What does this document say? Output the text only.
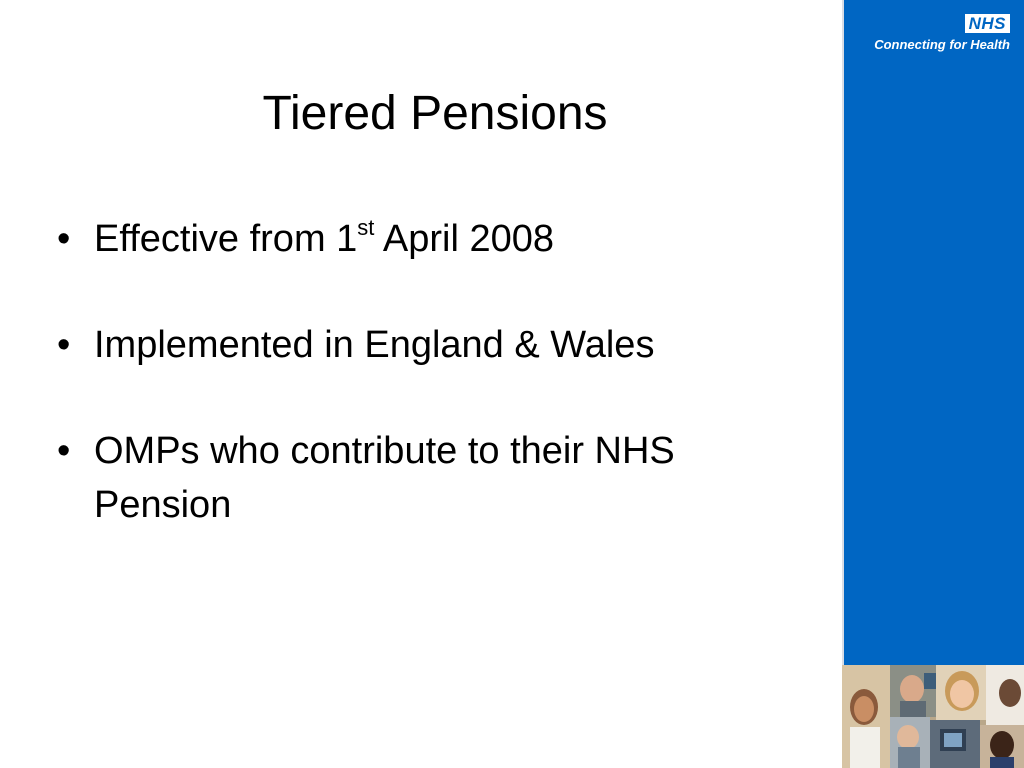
Tiered Pensions
• Effective from 1st April 2008
• Implemented in England & Wales
• OMPs who contribute to their NHS Pension
NHS
Connecting for Health
